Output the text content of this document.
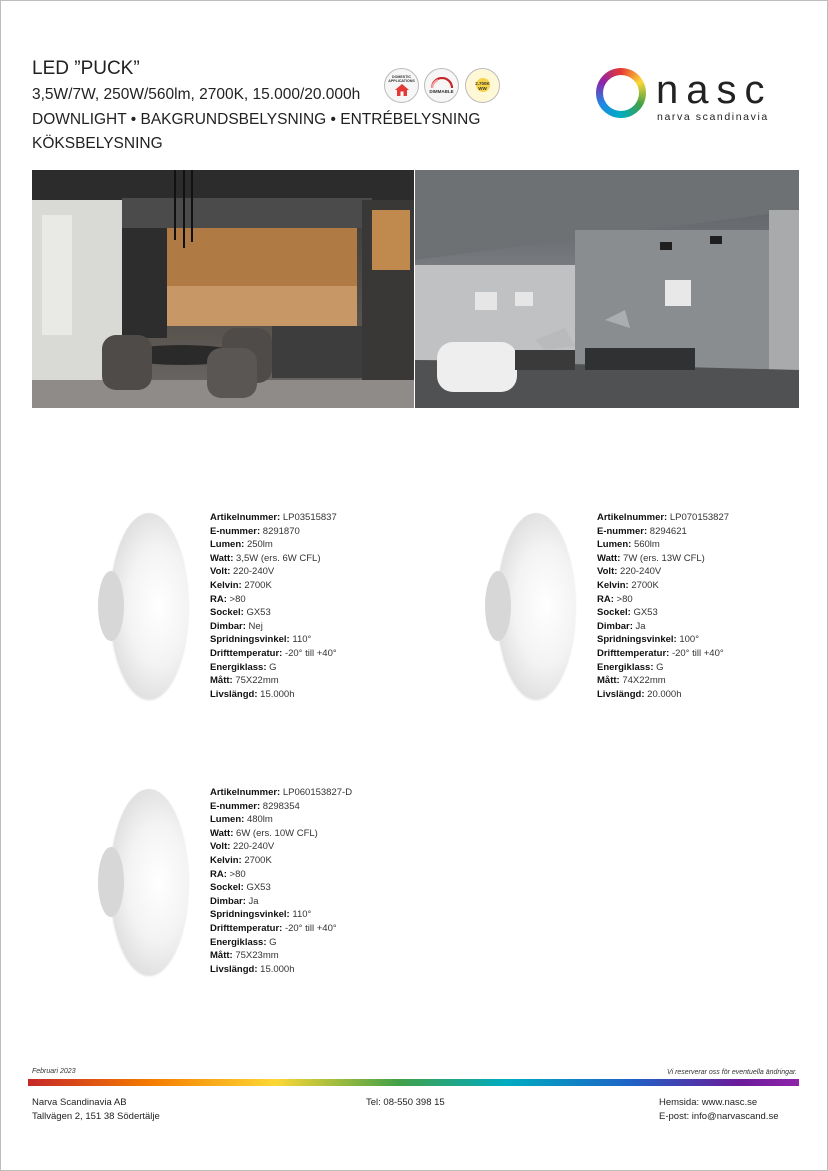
LED ”PUCK”
3,5W/7W, 250W/560lm, 2700K, 15.000/20.000h
DOWNLIGHT • BAKGRUNDSBELYSNING • ENTRÉBELYSNING
KÖKSBELYSNING
DOMESTIC APPLICATIONS
DIMMABLE
2.700K WW	nasc
narva scandinavia
Artikelnummer: LP03515837
E-nummer: 8291870
Lumen: 250lm
Watt: 3,5W (ers. 6W CFL)
Volt: 220-240V
Kelvin: 2700K
RA: >80
Sockel: GX53
Dimbar: Nej
Spridningsvinkel: 110°
Drifttemperatur: -20° till +40°
Energiklass: G
Mått: 75X22mm
Livslängd: 15.000h
Artikelnummer: LP070153827
E-nummer: 8294621
Lumen: 560lm
Watt: 7W (ers. 13W CFL)
Volt: 220-240V
Kelvin: 2700K
RA: >80
Sockel: GX53
Dimbar: Ja
Spridningsvinkel: 100°
Drifttemperatur: -20° till +40°
Energiklass: G
Mått: 74X22mm
Livslängd: 20.000h
Artikelnummer: LP060153827-D
E-nummer: 8298354
Lumen: 480lm
Watt: 6W (ers. 10W CFL)
Volt: 220-240V
Kelvin: 2700K
RA: >80
Sockel: GX53
Dimbar: Ja
Spridningsvinkel: 110°
Drifttemperatur: -20° till +40°
Energiklass: G
Mått: 75X23mm
Livslängd: 15.000h
Februari 2023	Vi reserverar oss för eventuella ändringar.
Narva Scandinavia AB
Tallvägen 2, 151 38 Södertälje
Tel: 08-550 398 15	Hemsida: www.nasc.se
E-post: info@narvascand.se
